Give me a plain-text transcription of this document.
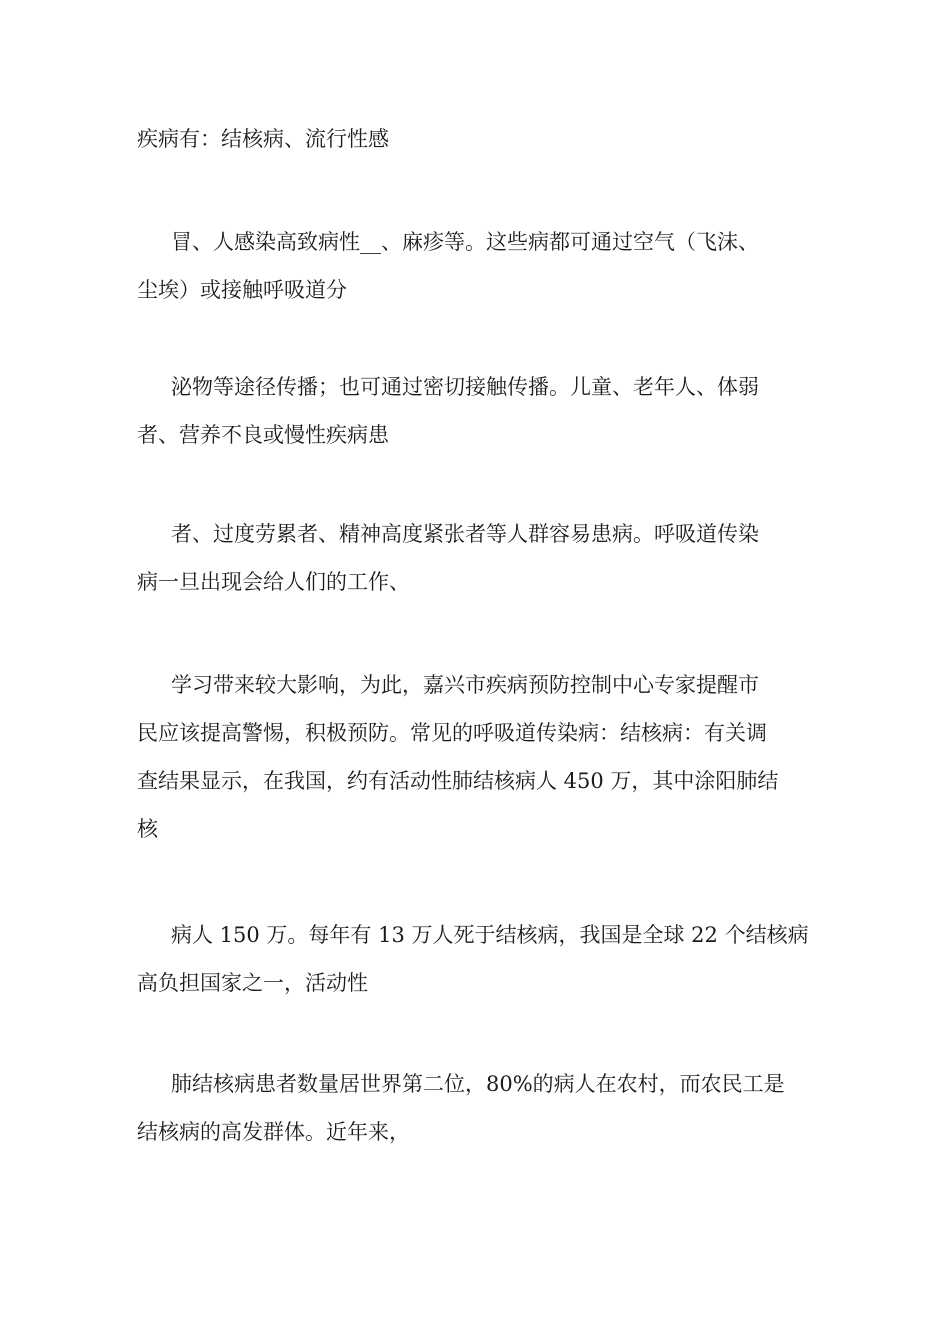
疾病有：结核病、流行性感
冒、人感染高致病性__、麻疹等。这些病都可通过空气（飞沫、
尘埃）或接触呼吸道分
泌物等途径传播；也可通过密切接触传播。儿童、老年人、体弱
者、营养不良或慢性疾病患
者、过度劳累者、精神高度紧张者等人群容易患病。呼吸道传染
病一旦出现会给人们的工作、
学习带来较大影响，为此，嘉兴市疾病预防控制中心专家提醒市
民应该提高警惕，积极预防。常见的呼吸道传染病：结核病：有关调
查结果显示，在我国，约有活动性肺结核病人 450 万，其中涂阳肺结
核
病人 150 万。每年有 13 万人死于结核病，我国是全球 22 个结核病
高负担国家之一，活动性
肺结核病患者数量居世界第二位，80%的病人在农村，而农民工是
结核病的高发群体。近年来，
